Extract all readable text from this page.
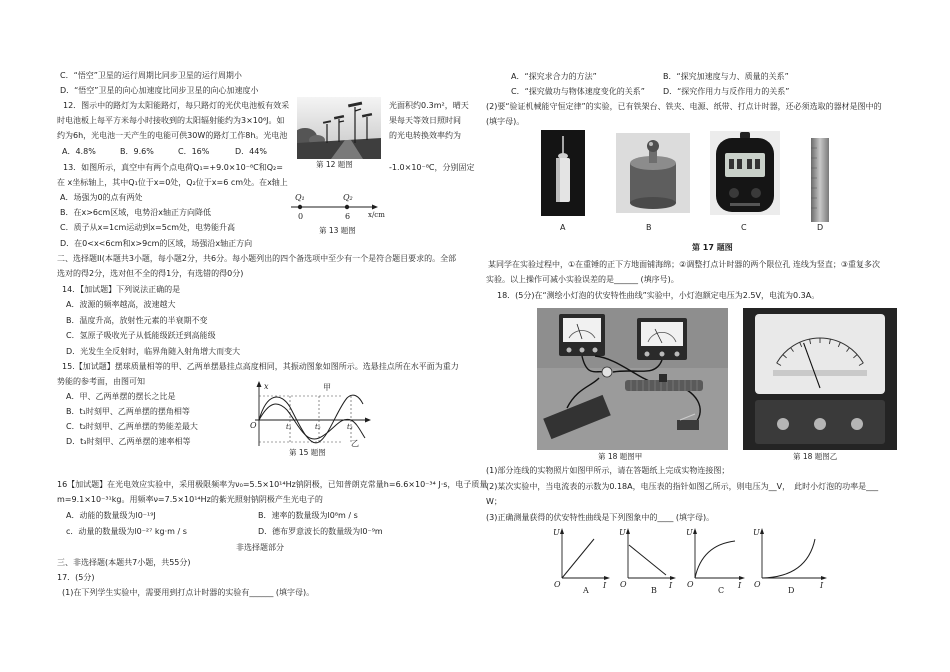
C．“悟空”卫星的运行周期比同步卫星的运行周期小
D．“悟空”卫星的向心加速度比同步卫星的向心加速度小
12．图示中的路灯为太阳能路灯，每只路灯的光伏电池板有效采	光面积约0.3m²，晴天
时电池板上每平方米每小时接收到的太阳辐射能约为3×10⁶J。如	果每天等效日照时间
约为6h，光电池一天产生的电能可供30W的路灯工作8h。光电池	的光电转换效率约为
A．4.8%	B．9.6%	C．16%	D．44%
第 12 题图
13．如图所示，真空中有两个点电荷Q₁=+9.0×10⁻⁸C和Q₂=	-1.0×10⁻⁸C，分别固定
在 x坐标轴上，其中Q₁位于x=0处，Q₂位于x=6 cm处。在x轴上
A．场强为0的点有两处
B．在x>6cm区域，电势沿x轴正方向降低
C．质子从x=1cm运动到x=5cm处，电势能升高
D．在0<x<6cm和x>9cm的区域，场强沿x轴正方向
Q₁	Q₂
0	6	x/cm
第 13 题图
二、选择题II(本题共3小题，每小题2分，共6分。每小题列出的四个备选项中至少有一个是符合题目要求的。全部
选对的得2分，选对但不全的得1分，有选错的得0分)
14．【加试题】下列说法正确的是
A．波源的频率越高，波速越大
B．温度升高，放射性元素的半衰期不变
C．氢原子吸收光子从低能级跃迁到高能级
D．光发生全反射时，临界角随入射角增大而变大
15.【加试题】摆球质量相等的甲、乙两单摆悬挂点高度相同，其振动图象如图所示。选悬挂点所在水平面为重力
势能的参考面，由图可知
A．甲、乙两单摆的摆长之比是
B．t₁时刻甲、乙两单摆的摆角相等
C．t₂时刻甲、乙两单摆的势能差最大
D．t₃时刻甲、乙两单摆的速率相等
x
O
甲
乙
t₁	t₂	t₃
第 15 题图
16【加试题】在光电效应实验中，采用极限频率为ν₀=5.5×10¹⁴Hz钠阴极，已知普朗克常量h=6.6×10⁻³⁴ J·s，电子质量
m=9.1×10⁻³¹kg。用频率ν=7.5×10¹⁴Hz的紫光照射钠阴极产生光电子的
A．动能的数量级为l0⁻¹⁹J	B．速率的数量级为l0⁸m / s
c．动量的数量级为l0⁻²⁷ kg·m / s	D．德布罗意波长的数量级为l0⁻⁹m
非选择题部分
三、非选择题(本题共7小题，共55分)
17．(5分)
(1)在下列学生实验中，需要用到打点计时器的实验有______ (填字母)。
A．“探究求合力的方法”	B．“探究加速度与力、质量的关系”
C．“探究做功与物体速度变化的关系” D．“探究作用力与反作用力的关系”
(2)要“验证机械能守恒定律”的实验，已有铁架台、铁夹、电源、纸带、打点计时器，还必须选取的器材是图中的
(填字母)。
A	B	C	D
第 17 题图
某同学在实验过程中，①在重锤的正下方地面铺海绵；②调整打点计时器的两个限位孔 连线为竖直；③重复多次
实验。以上操作可减小实验误差的是______ (填序号)。
18．(5分)在“测绘小灯泡的伏安特性曲线”实验中，小灯泡额定电压为2.5V，电流为0.3A。
第 18 题图甲	第 18 题图乙
(1)部分连线的实物照片如图甲所示，请在答题纸上完成实物连接图；
(2)某次实验中，当电流表的示数为0.18A，电压表的指针如图乙所示，则电压为__V，　此时小灯泡的功率是___
W；
(3)正确测量获得的伏安特性曲线是下列图象中的____ (填字母)。
U
O	I
A
U
O	I
B
U
O	I
C
U
O	I
D
